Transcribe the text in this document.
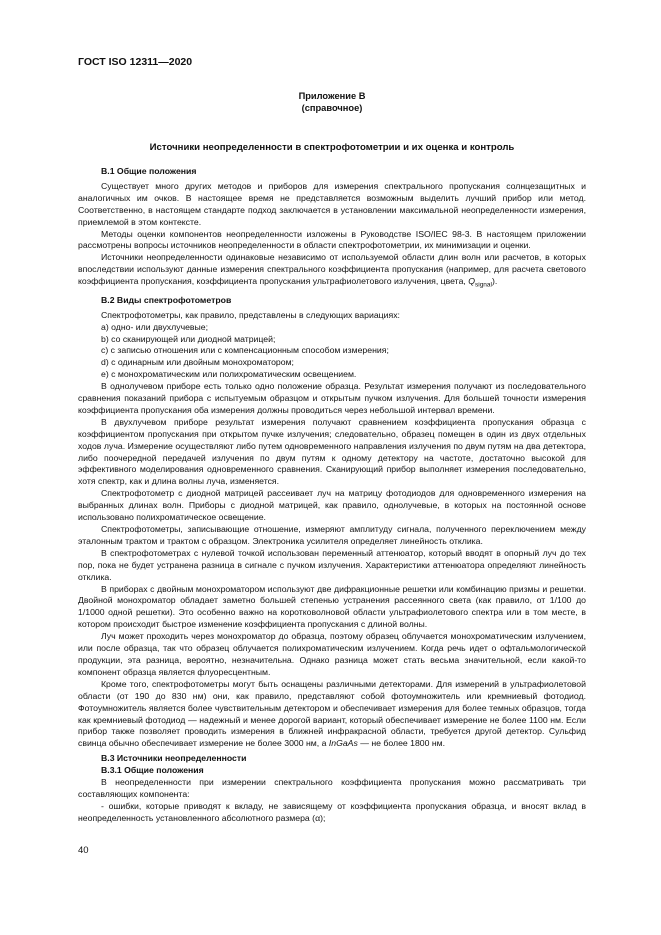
ГОСТ ISO 12311—2020
Приложение В
(справочное)
Источники неопределенности в спектрофотометрии и их оценка и контроль

В.1 Общие положения

Существует много других методов и приборов для измерения спектрального пропускания солнцезащитных и аналогичных им очков. В настоящее время не представляется возможным выделить лучший прибор или метод. Соответственно, в настоящем стандарте подход заключается в установлении максимальной неопределенности измерения, приемлемой в этом контексте.

Методы оценки компонентов неопределенности изложены в Руководстве ISO/IEC 98-3. В настоящем приложении рассмотрены вопросы источников неопределенности в области спектрофотометрии, их минимизации и оценки.

Источники неопределенности одинаковые независимо от используемой области длин волн или расчетов, в которых впоследствии используют данные измерения спектрального коэффициента пропускания (например, для расчета светового коэффициента пропускания, коэффициента пропускания ультрафиолетового излучения, цвета, $Q_{signal}$).

В.2 Виды спектрофотометров

Спектрофотометры, как правило, представлены в следующих вариациях:

a) одно- или двухлучевые;

b) со сканирующей или диодной матрицей;

c) с записью отношения или с компенсационным способом измерения;

d) с одинарным или двойным монохроматором;

e) с монохроматическим или полихроматическим освещением.

В однолучевом приборе есть только одно положение образца. Результат измерения получают из последовательного сравнения показаний прибора с испытуемым образцом и открытым пучком излучения. Для большей точности измерения коэффициента пропускания оба измерения должны проводиться через небольшой интервал времени.

В двухлучевом приборе результат измерения получают сравнением коэффициента пропускания образца с коэффициентом пропускания при открытом пучке излучения; следовательно, образец помещен в один из двух отдельных ходов луча. Измерение осуществляют либо путем одновременного направления излучения по двум путям на два детектора, либо поочередной передачей излучения по двум путям к одному детектору на частоте, достаточно высокой для эффективного моделирования одновременного сравнения. Сканирующий прибор выполняет измерения последовательно, хотя спектр, как и длина волны луча, изменяется.

Спектрофотометр с диодной матрицей рассеивает луч на матрицу фотодиодов для одновременного измерения на выбранных длинах волн. Приборы с диодной матрицей, как правило, однолучевые, в которых на постоянной основе использовано полихроматическое освещение.

Спектрофотометры, записывающие отношение, измеряют амплитуду сигнала, полученного переключением между эталонным трактом и трактом с образцом. Электроника усилителя определяет линейность отклика.

В спектрофотометрах с нулевой точкой использован переменный аттенюатор, который вводят в опорный луч до тех пор, пока не будет устранена разница в сигнале с пучком излучения. Характеристики аттенюатора определяют линейность отклика.

В приборах с двойным монохроматором используют две дифракционные решетки или комбинацию призмы и решетки. Двойной монохроматор обладает заметно большей степенью устранения рассеянного света (как правило, от 1/100 до 1/1000 одной решетки). Это особенно важно на коротковолновой области ультрафиолетового спектра или в том месте, в котором происходит быстрое изменение коэффициента пропускания с длиной волны.

Луч может проходить через монохроматор до образца, поэтому образец облучается монохроматическим излучением, или после образца, так что образец облучается полихроматическим излучением. Когда речь идет о офтальмологической продукции, эта разница, вероятно, незначительна. Однако разница может стать весьма значительной, если какой-то компонент образца является флуоресцентным.

Кроме того, спектрофотометры могут быть оснащены различными детекторами. Для измерений в ультрафиолетовой области (от 190 до 830 нм) они, как правило, представляют собой фотоумножитель или кремниевый фотодиод. Фотоумножитель является более чувствительным детектором и обеспечивает измерения для более темных образцов, тогда как кремниевый фотодиод — надежный и менее дорогой вариант, который обеспечивает измерение не более 1100 нм. Если прибор также позволяет проводить измерения в ближней инфракрасной области, требуется другой детектор. Сульфид свинца обычно обеспечивает измерение не более 3000 нм, а InGaAs — не более 1800 нм.

В.3 Источники неопределенности

В.3.1 Общие положения

В неопределенности при измерении спектрального коэффициента пропускания можно рассматривать три составляющих компонента:

- ошибки, которые приводят к вкладу, не зависящему от коэффициента пропускания образца, и вносят вклад в неопределенность установленного абсолютного размера (α);

40
